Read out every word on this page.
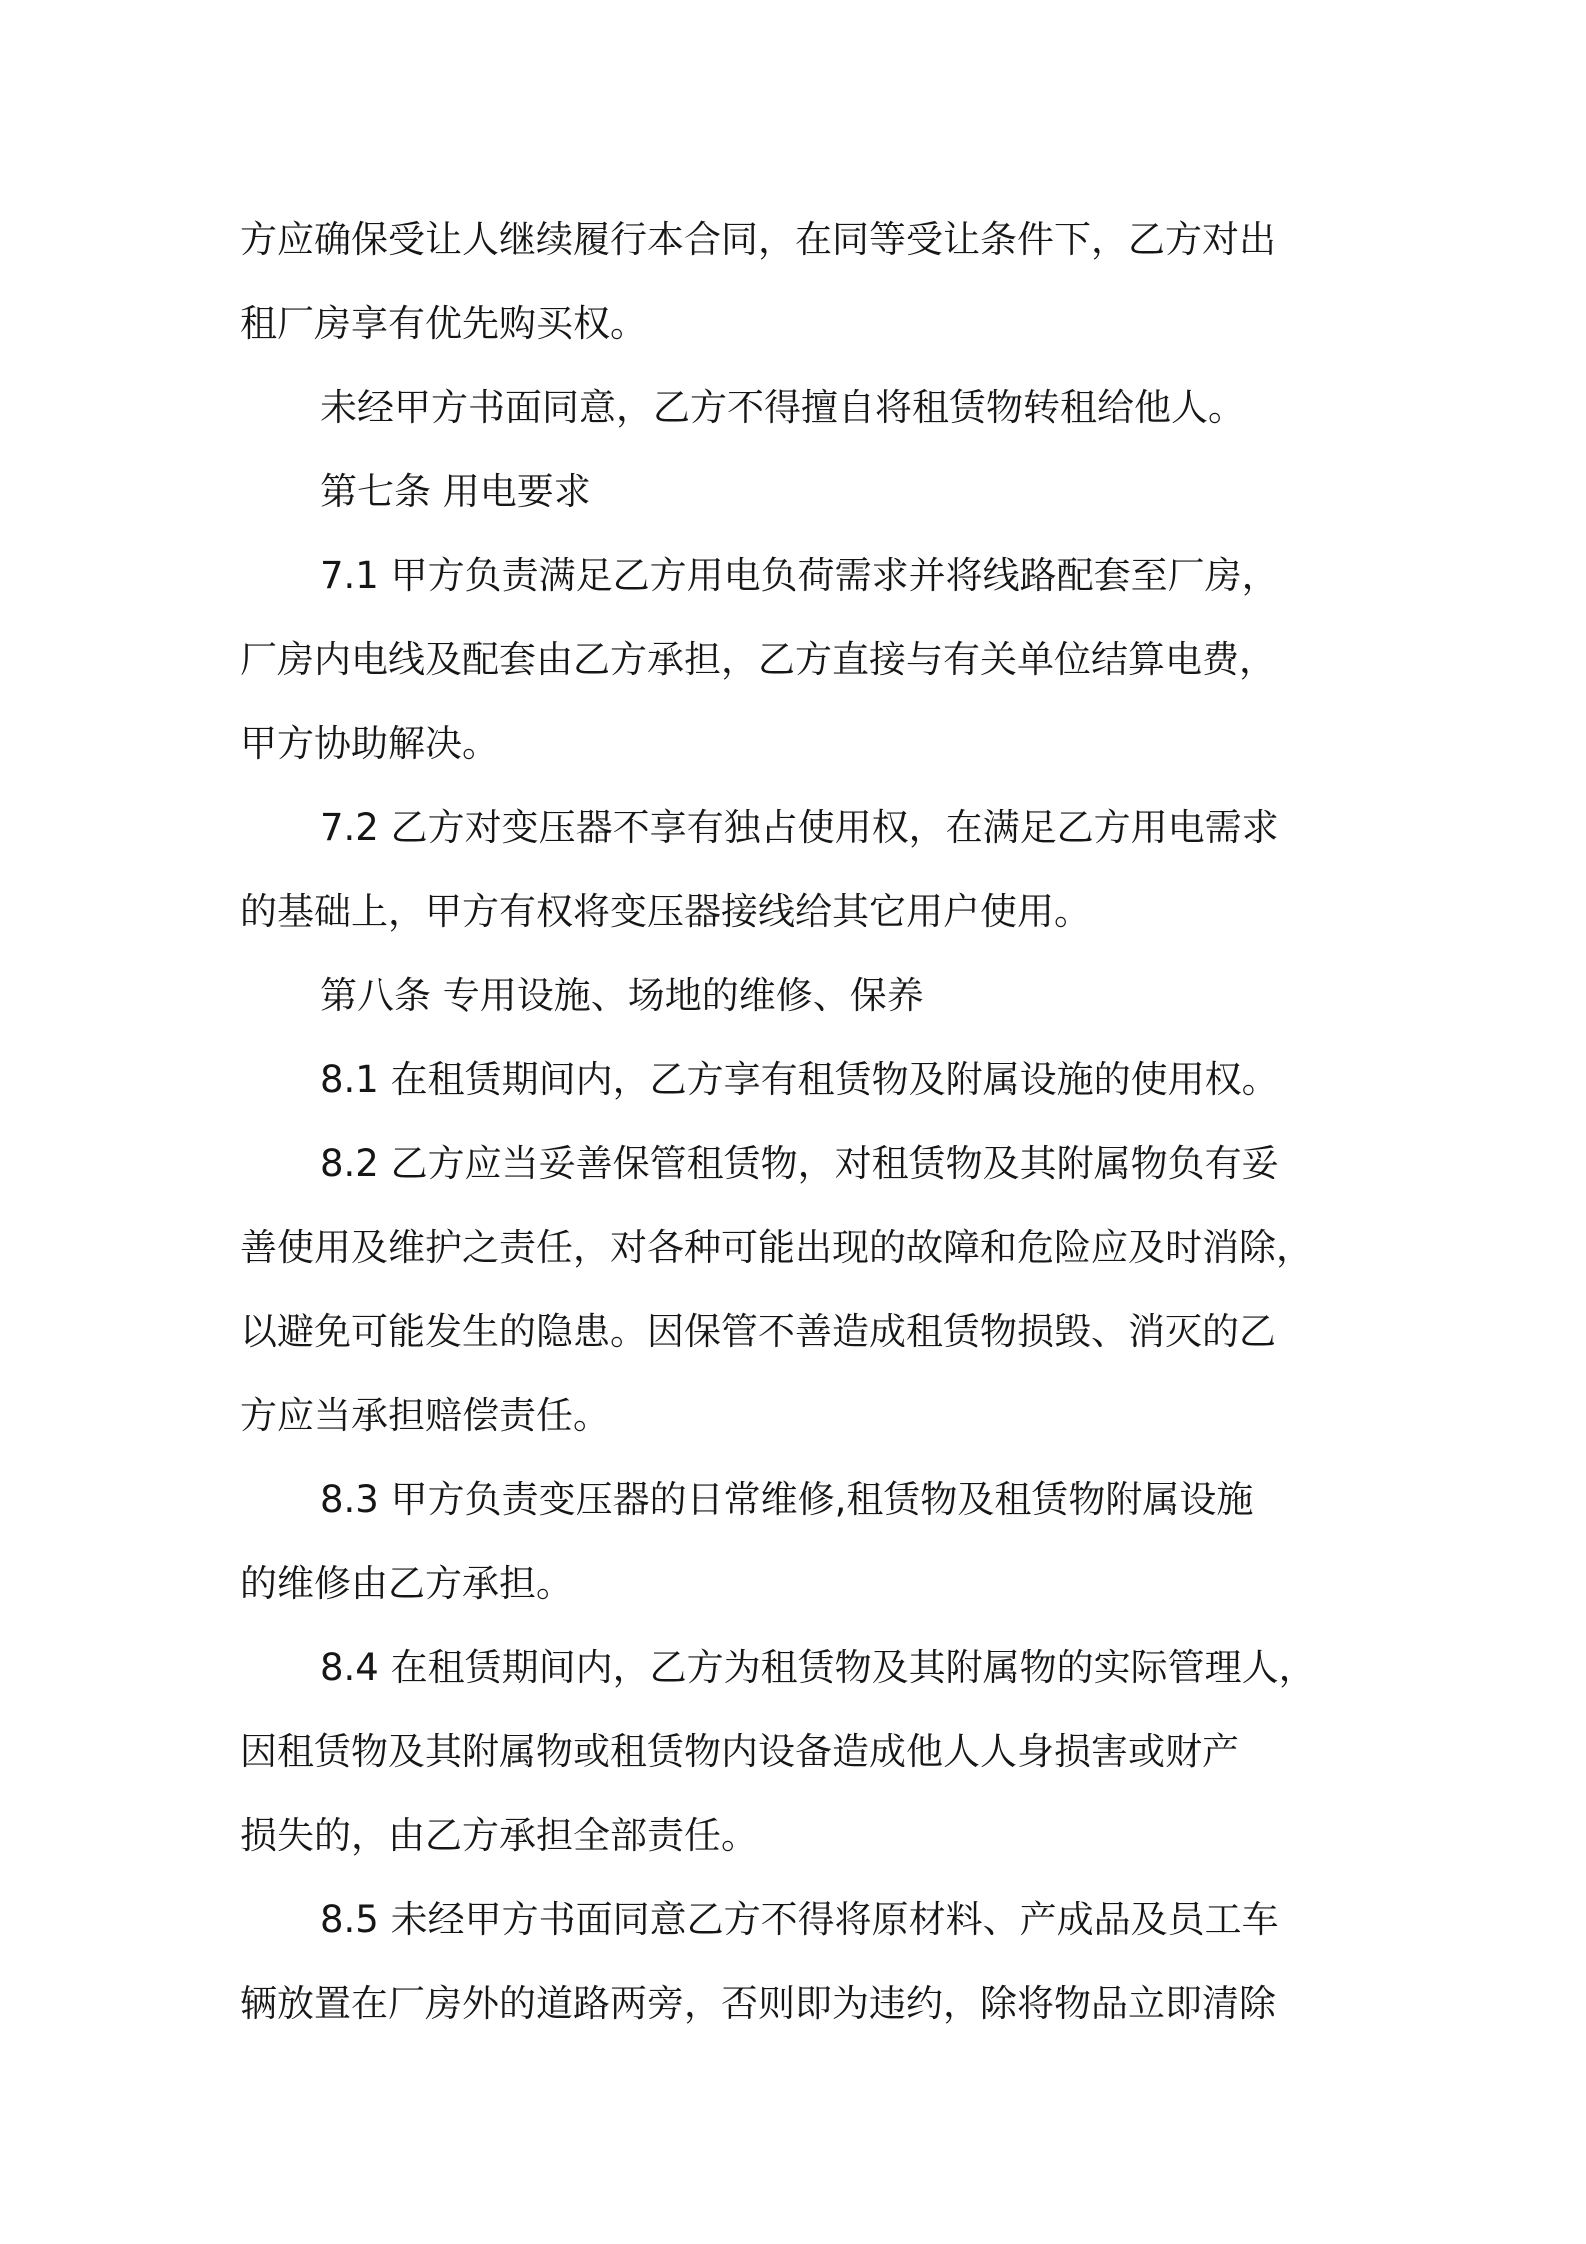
方应确保受让人继续履行本合同，在同等受让条件下，乙方对出
租厂房享有优先购买权。

未经甲方书面同意，乙方不得擅自将租赁物转租给他人。

第七条 用电要求

7.1 甲方负责满足乙方用电负荷需求并将线路配套至厂房，
厂房内电线及配套由乙方承担，乙方直接与有关单位结算电费，
甲方协助解决。

7.2 乙方对变压器不享有独占使用权，在满足乙方用电需求
的基础上，甲方有权将变压器接线给其它用户使用。

第八条 专用设施、场地的维修、保养

8.1 在租赁期间内，乙方享有租赁物及附属设施的使用权。

8.2 乙方应当妥善保管租赁物，对租赁物及其附属物负有妥
善使用及维护之责任，对各种可能出现的故障和危险应及时消除，
以避免可能发生的隐患。因保管不善造成租赁物损毁、消灭的乙
方应当承担赔偿责任。

8.3 甲方负责变压器的日常维修,租赁物及租赁物附属设施
的维修由乙方承担。

8.4 在租赁期间内，乙方为租赁物及其附属物的实际管理人，
因租赁物及其附属物或租赁物内设备造成他人人身损害或财产
损失的，由乙方承担全部责任。

8.5 未经甲方书面同意乙方不得将原材料、产成品及员工车
辆放置在厂房外的道路两旁，否则即为违约，除将物品立即清除
